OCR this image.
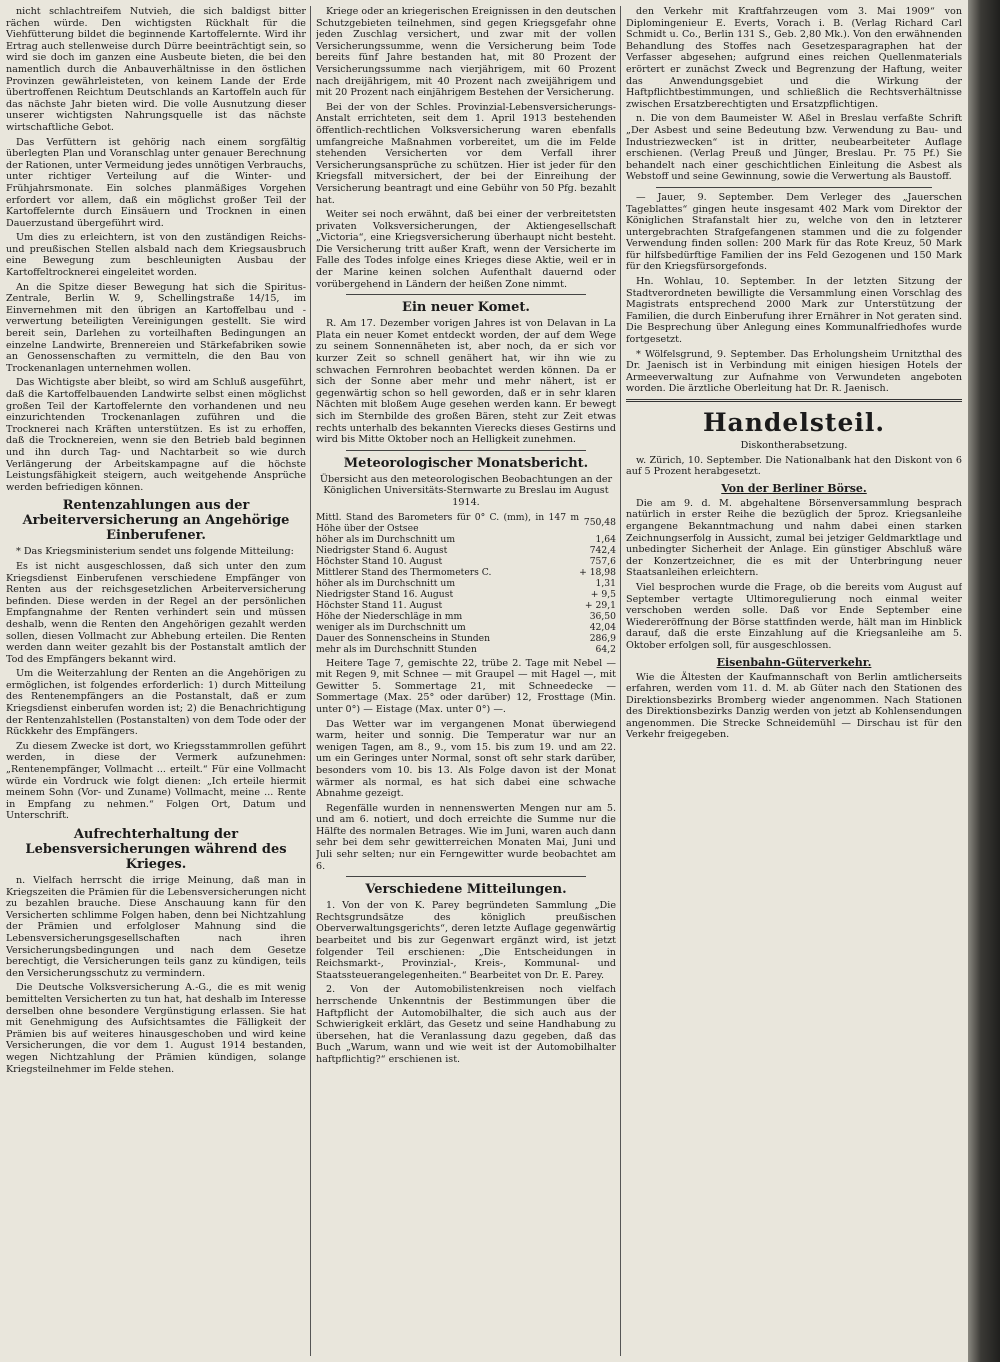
nicht schlachtreifem Nutvieh, die sich baldigst bitter rächen würde. Den wichtigsten Rückhalt für die Viehfütterung bildet die beginnende Kartoffelernte. Wird ihr Ertrag auch stellenweise durch Dürre beeinträchtigt sein, so wird sie doch im ganzen eine Ausbeute bieten, die bei den namentlich durch die Anbauverhältnisse in den östlichen Provinzen gewährleisteten, von keinem Lande der Erde übertroffenen Reichtum Deutschlands an Kartoffeln auch für das nächste Jahr bieten wird. Die volle Ausnutzung dieser unserer wichtigsten Nahrungsquelle ist das nächste wirtschaftliche Gebot.

Das Verfüttern ist gehörig nach einem sorgfältig überlegten Plan und Voranschlag unter genauer Berechnung der Rationen, unter Vermeidung jedes unnötigen Verbrauchs, unter richtiger Verteilung auf die Winter- und Frühjahrsmonate. Ein solches planmäßiges Vorgehen erfordert vor allem, daß ein möglichst großer Teil der Kartoffelernte durch Einsäuern und Trocknen in einen Dauerzustand übergeführt wird.

Um dies zu erleichtern, ist von den zuständigen Reichs- und preußischen Stellen alsbald nach dem Kriegsausbruch eine Bewegung zum beschleunigten Ausbau der Kartoffeltrocknerei eingeleitet worden.

An die Spitze dieser Bewegung hat sich die Spiritus-Zentrale, Berlin W. 9, Schellingstraße 14/15, im Einvernehmen mit den übrigen an Kartoffelbau und -verwertung beteiligten Vereinigungen gestellt. Sie wird bereit sein, Darlehen zu vorteilhaften Bedingungen an einzelne Landwirte, Brennereien und Stärkefabriken sowie an Genossenschaften zu vermitteln, die den Bau von Trockenanlagen unternehmen wollen.

Das Wichtigste aber bleibt, so wird am Schluß ausgeführt, daß die Kartoffelbauenden Landwirte selbst einen möglichst großen Teil der Kartoffelernte den vorhandenen und neu einzurichtenden Trockenanlagen zuführen und die Trocknerei nach Kräften unterstützen. Es ist zu erhoffen, daß die Trocknereien, wenn sie den Betrieb bald beginnen und ihn durch Tag- und Nachtarbeit so wie durch Verlängerung der Arbeitskampagne auf die höchste Leistungsfähigkeit steigern, auch weitgehende Ansprüche werden befriedigen können.

Rentenzahlungen aus der Arbeiterversicherung an Angehörige Einberufener.

* Das Kriegsministerium sendet uns folgende Mitteilung:

Es ist nicht ausgeschlossen, daß sich unter den zum Kriegsdienst Einberufenen verschiedene Empfänger von Renten aus der reichsgesetzlichen Arbeiterversicherung befinden. Diese werden in der Regel an der persönlichen Empfangnahme der Renten verhindert sein und müssen deshalb, wenn die Renten den Angehörigen gezahlt werden sollen, diesen Vollmacht zur Abhebung erteilen. Die Renten werden dann weiter gezahlt bis der Postanstalt amtlich der Tod des Empfängers bekannt wird.

Um die Weiterzahlung der Renten an die Angehörigen zu ermöglichen, ist folgendes erforderlich: 1) durch Mitteilung des Rentenempfängers an die Postanstalt, daß er zum Kriegsdienst einberufen worden ist; 2) die Benachrichtigung der Rentenzahlstellen (Postanstalten) von dem Tode oder der Rückkehr des Empfängers.

Zu diesem Zwecke ist dort, wo Kriegsstammrollen geführt werden, in diese der Vermerk aufzunehmen: „Rentenempfänger, Vollmacht ... erteilt.“ Für eine Vollmacht würde ein Vordruck wie folgt dienen: „Ich erteile hiermit meinem Sohn (Vor- und Zuname) Vollmacht, meine ... Rente in Empfang zu nehmen.“ Folgen Ort, Datum und Unterschrift.

Aufrechterhaltung der Lebensversicherungen während des Krieges.

n. Vielfach herrscht die irrige Meinung, daß man in Kriegszeiten die Prämien für die Lebensversicherungen nicht zu bezahlen brauche. Diese Anschauung kann für den Versicherten schlimme Folgen haben, denn bei Nichtzahlung der Prämien und erfolgloser Mahnung sind die Lebensversicherungsgesellschaften nach ihren Versicherungsbedingungen und nach dem Gesetze berechtigt, die Versicherungen teils ganz zu kündigen, teils den Versicherungsschutz zu vermindern.

Die Deutsche Volksversicherung A.-G., die es mit wenig bemittelten Versicherten zu tun hat, hat deshalb im Interesse derselben ohne besondere Vergünstigung erlassen. Sie hat mit Genehmigung des Aufsichtsamtes die Fälligkeit der Prämien bis auf weiteres hinausgeschoben und wird keine Versicherungen, die vor dem 1. August 1914 bestanden, wegen Nichtzahlung der Prämien kündigen, solange Kriegsteilnehmer im Felde stehen.

Kriege oder an kriegerischen Ereignissen in den deutschen Schutzgebieten teilnehmen, sind gegen Kriegsgefahr ohne jeden Zuschlag versichert, und zwar mit der vollen Versicherungssumme, wenn die Versicherung beim Tode bereits fünf Jahre bestanden hat, mit 80 Prozent der Versicherungssumme nach vierjährigem, mit 60 Prozent nach dreijährigem, mit 40 Prozent nach zweijährigem und mit 20 Prozent nach einjährigem Bestehen der Versicherung.

Bei der von der Schles. Provinzial-Lebensversicherungs-Anstalt errichteten, seit dem 1. April 1913 bestehenden öffentlich-rechtlichen Volksversicherung waren ebenfalls umfangreiche Maßnahmen vorbereitet, um die im Felde stehenden Versicherten vor dem Verfall ihrer Versicherungsansprüche zu schützen. Hier ist jeder für den Kriegsfall mitversichert, der bei der Einreihung der Versicherung beantragt und eine Gebühr von 50 Pfg. bezahlt hat.

Weiter sei noch erwähnt, daß bei einer der verbreitetsten privaten Volksversicherungen, der Aktiengesellschaft „Victoria“, eine Kriegsversicherung überhaupt nicht besteht. Die Versicherung tritt außer Kraft, wenn der Versicherte im Falle des Todes infolge eines Krieges diese Aktie, weil er in der Marine keinen solchen Aufenthalt dauernd oder vorübergehend in Ländern der heißen Zone nimmt.

Ein neuer Komet.

R. Am 17. Dezember vorigen Jahres ist von Delavan in La Plata ein neuer Komet entdeckt worden, der auf dem Wege zu seinem Sonnennäheten ist, aber noch, da er sich vor kurzer Zeit so schnell genähert hat, wir ihn wie zu schwachen Fernrohren beobachtet werden können. Da er sich der Sonne aber mehr und mehr nähert, ist er gegenwärtig schon so hell geworden, daß er in sehr klaren Nächten mit bloßem Auge gesehen werden kann. Er bewegt sich im Sternbilde des großen Bären, steht zur Zeit etwas rechts unterhalb des bekannten Vierecks dieses Gestirns und wird bis Mitte Oktober noch an Helligkeit zunehmen.

Meteorologischer Monatsbericht.
Übersicht aus den meteorologischen Beobachtungen an der Königlichen Universitäts-Sternwarte zu Breslau im August 1914.
Mittl. Stand des Barometers für 0° C. (mm), in 147 m Höhe über der Ostsee	750,48
höher als im Durchschnitt um	1,64
Niedrigster Stand 6. August	742,4
Höchster Stand 10. August	757,6
Mittlerer Stand des Thermometers C.	+ 18,98
höher als im Durchschnitt um	1,31
Niedrigster Stand 16. August	+ 9,5
Höchster Stand 11. August	+ 29,1
Höhe der Niederschläge in mm	36,50
weniger als im Durchschnitt um	42,04
Dauer des Sonnenscheins in Stunden	286,9
mehr als im Durchschnitt Stunden	64,2

Heitere Tage 7, gemischte 22, trübe 2. Tage mit Nebel — mit Regen 9, mit Schnee — mit Graupel — mit Hagel —, mit Gewitter 5. Sommertage 21, mit Schneedecke — Sommertage (Max. 25° oder darüber) 12, Frosttage (Min. unter 0°) — Eistage (Max. unter 0°) —.

Das Wetter war im vergangenen Monat überwiegend warm, heiter und sonnig. Die Temperatur war nur an wenigen Tagen, am 8., 9., vom 15. bis zum 19. und am 22. um ein Geringes unter Normal, sonst oft sehr stark darüber, besonders vom 10. bis 13. Als Folge davon ist der Monat wärmer als normal, es hat sich dabei eine schwache Abnahme gezeigt.

Regenfälle wurden in nennenswerten Mengen nur am 5. und am 6. notiert, und doch erreichte die Summe nur die Hälfte des normalen Betrages. Wie im Juni, waren auch dann sehr bei dem sehr gewitterreichen Monaten Mai, Juni und Juli sehr selten; nur ein Ferngewitter wurde beobachtet am 6.

Verschiedene Mitteilungen.

1. Von der von K. Parey begründeten Sammlung „Die Rechtsgrundsätze des königlich preußischen Oberverwaltungsgerichts“, deren letzte Auflage gegenwärtig bearbeitet und bis zur Gegenwart ergänzt wird, ist jetzt folgender Teil erschienen: „Die Entscheidungen in Reichsmarkt-, Provinzial-, Kreis-, Kommunal- und Staatssteuerangelegenheiten.“ Bearbeitet von Dr. E. Parey.

2. Von der Automobilistenkreisen noch vielfach herrschende Unkenntnis der Bestimmungen über die Haftpflicht der Automobilhalter, die sich auch aus der Schwierigkeit erklärt, das Gesetz und seine Handhabung zu übersehen, hat die Veranlassung dazu gegeben, daß das Buch „Warum, wann und wie weit ist der Automobilhalter haftpflichtig?“ erschienen ist.

den Verkehr mit Kraftfahrzeugen vom 3. Mai 1909“ von Diplomingenieur E. Everts, Vorach i. B. (Verlag Richard Carl Schmidt u. Co., Berlin 131 S., Geb. 2,80 Mk.). Von den erwähnenden Behandlung des Stoffes nach Gesetzesparagraphen hat der Verfasser abgesehen; aufgrund eines reichen Quellenmaterials erörtert er zunächst Zweck und Begrenzung der Haftung, weiter das Anwendungsgebiet und die Wirkung der Haftpflichtbestimmungen, und schließlich die Rechtsverhältnisse zwischen Ersatzberechtigten und Ersatzpflichtigen.

n. Die von dem Baumeister W. Aßel in Breslau verfaßte Schrift „Der Asbest und seine Bedeutung bzw. Verwendung zu Bau- und Industriezwecken“ ist in dritter, neubearbeiteter Auflage erschienen. (Verlag Preuß und Jünger, Breslau. Pr. 75 Pf.) Sie behandelt nach einer geschichtlichen Einleitung die Asbest als Webstoff und seine Gewinnung, sowie die Verwertung als Baustoff.

— Jauer, 9. September. Dem Verleger des „Jauerschen Tageblattes“ gingen heute insgesamt 402 Mark vom Direktor der Königlichen Strafanstalt hier zu, welche von den in letzterer untergebrachten Strafgefangenen stammen und die zu folgender Verwendung finden sollen: 200 Mark für das Rote Kreuz, 50 Mark für hilfsbedürftige Familien der ins Feld Gezogenen und 150 Mark für den Kriegsfürsorgefonds.

Hn. Wohlau, 10. September. In der letzten Sitzung der Stadtverordneten bewilligte die Versammlung einen Vorschlag des Magistrats entsprechend 2000 Mark zur Unterstützung der Familien, die durch Einberufung ihrer Ernährer in Not geraten sind. Die Besprechung über Anlegung eines Kommunalfriedhofes wurde fortgesetzt.

* Wölfelsgrund, 9. September. Das Erholungsheim Urnitzthal des Dr. Jaenisch ist in Verbindung mit einigen hiesigen Hotels der Armeeverwaltung zur Aufnahme von Verwundeten angeboten worden. Die ärztliche Oberleitung hat Dr. R. Jaenisch.

Handelsteil.
Diskontherabsetzung.

w. Zürich, 10. September. Die Nationalbank hat den Diskont von 6 auf 5 Prozent herabgesetzt.

Von der Berliner Börse.

Die am 9. d. M. abgehaltene Börsenversammlung besprach natürlich in erster Reihe die bezüglich der 5proz. Kriegsanleihe ergangene Bekanntmachung und nahm dabei einen starken Zeichnungserfolg in Aussicht, zumal bei jetziger Geldmarktlage und unbedingter Sicherheit der Anlage. Ein günstiger Abschluß wäre der Konzertzeichner, die es mit der Unterbringung neuer Staatsanleihen erleichtern.

Viel besprochen wurde die Frage, ob die bereits vom August auf September vertagte Ultimoregulierung noch einmal weiter verschoben werden solle. Daß vor Ende September eine Wiedereröffnung der Börse stattfinden werde, hält man im Hinblick darauf, daß die erste Einzahlung auf die Kriegsanleihe am 5. Oktober erfolgen soll, für ausgeschlossen.

Eisenbahn-Güterverkehr.

Wie die Ältesten der Kaufmannschaft von Berlin amtlicherseits erfahren, werden vom 11. d. M. ab Güter nach den Stationen des Direktionsbezirks Bromberg wieder angenommen. Nach Stationen des Direktionsbezirks Danzig werden von jetzt ab Kohlensendungen angenommen. Die Strecke Schneidemühl — Dirschau ist für den Verkehr freigegeben.
